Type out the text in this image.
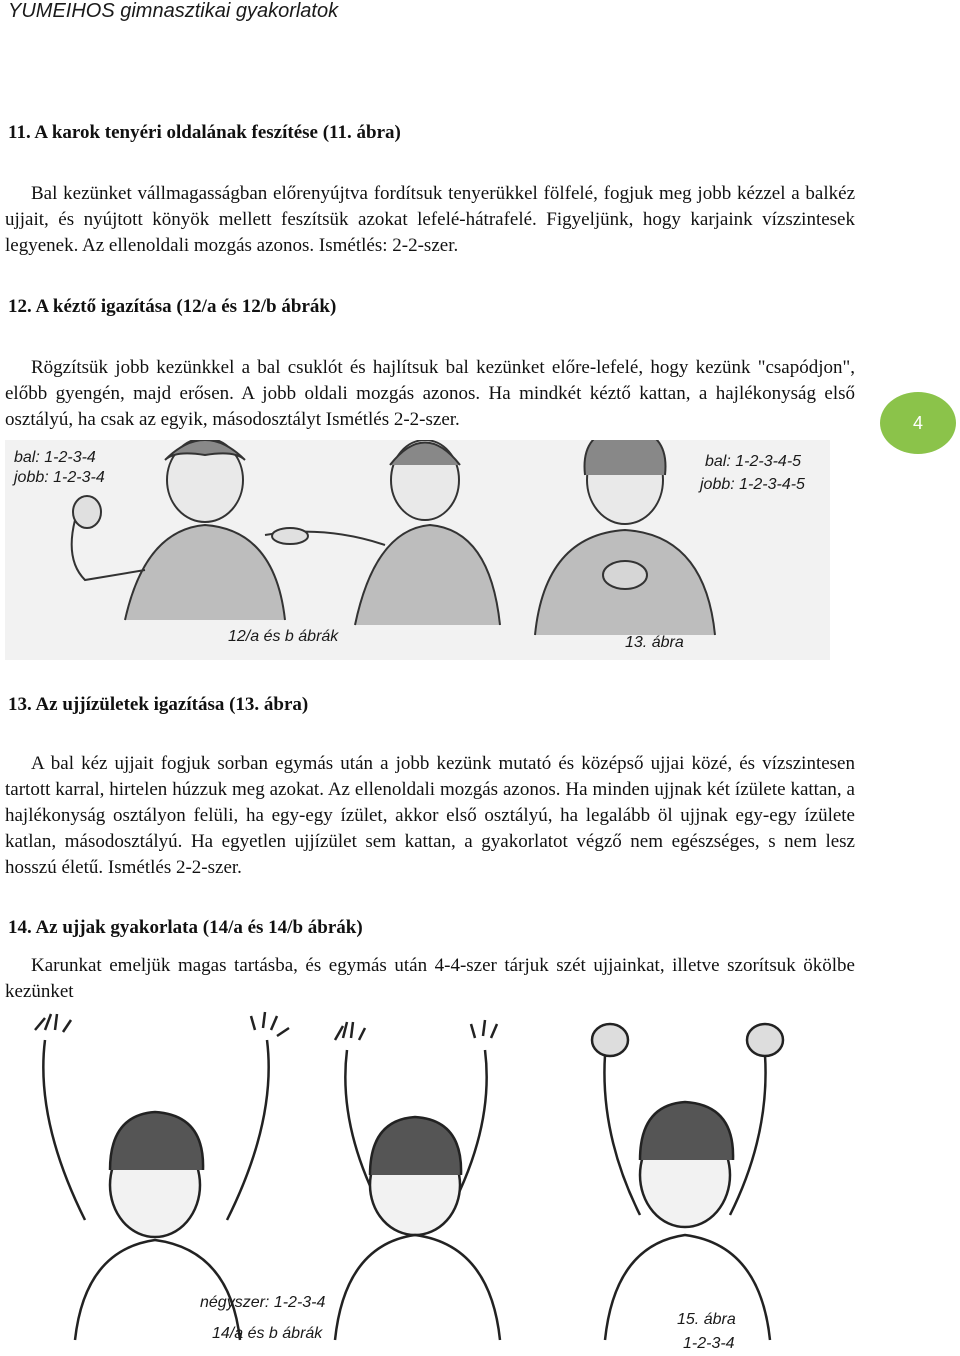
YUMEIHOS gimnasztikai gyakorlatok
11. A karok tenyéri oldalának feszítése (11. ábra)
Bal kezünket vállmagasságban előrenyújtva fordítsuk tenyerükkel fölfelé, fogjuk meg jobb kézzel a balkéz ujjait, és nyújtott könyök mellett feszítsük azokat lefelé-hátrafelé. Figyeljünk, hogy karjaink vízszintesek legyenek. Az ellenoldali mozgás azonos. Ismétlés: 2-2-szer.
12. A kéztő igazítása (12/a és 12/b ábrák)
Rögzítsük jobb kezünkkel a bal csuklót és hajlítsuk bal kezünket előre-lefelé, hogy kezünk "csapódjon", előbb gyengén, majd erősen. A jobb oldali mozgás azonos. Ha mindkét kéztő kattan, a hajlékonyság első osztályú, ha csak az egyik, másodosztályt Ismétlés 2-2-szer.	4
bal: 1-2-3-4
jobb: 1-2-3-4
bal: 1-2-3-4-5
jobb: 1-2-3-4-5
12/a és b ábrák	13. ábra
13. Az ujjízületek igazítása (13. ábra)
A bal kéz ujjait fogjuk sorban egymás után a jobb kezünk mutató és középső ujjai közé, és vízszintesen tartott karral, hirtelen húzzuk meg azokat. Az ellenoldali mozgás azonos. Ha minden ujjnak két ízülete kattan, a hajlékonyság osztályon felüli, ha egy-egy ízület, akkor első osztályú, ha legalább öl ujjnak egy-egy ízülete katlan, másodosztályú. Ha egyetlen ujjízület sem kattan, a gyakorlatot végző nem egészséges, s nem lesz hosszú életű. Ismétlés 2-2-szer.
14. Az ujjak gyakorlata (14/a és 14/b ábrák)
Karunkat emeljük magas tartásba, és egymás után 4-4-szer tárjuk szét ujjainkat, illetve szorítsuk ökölbe kezünket
négyszer: 1-2-3-4
14/a és b ábrák
15. ábra
1-2-3-4
